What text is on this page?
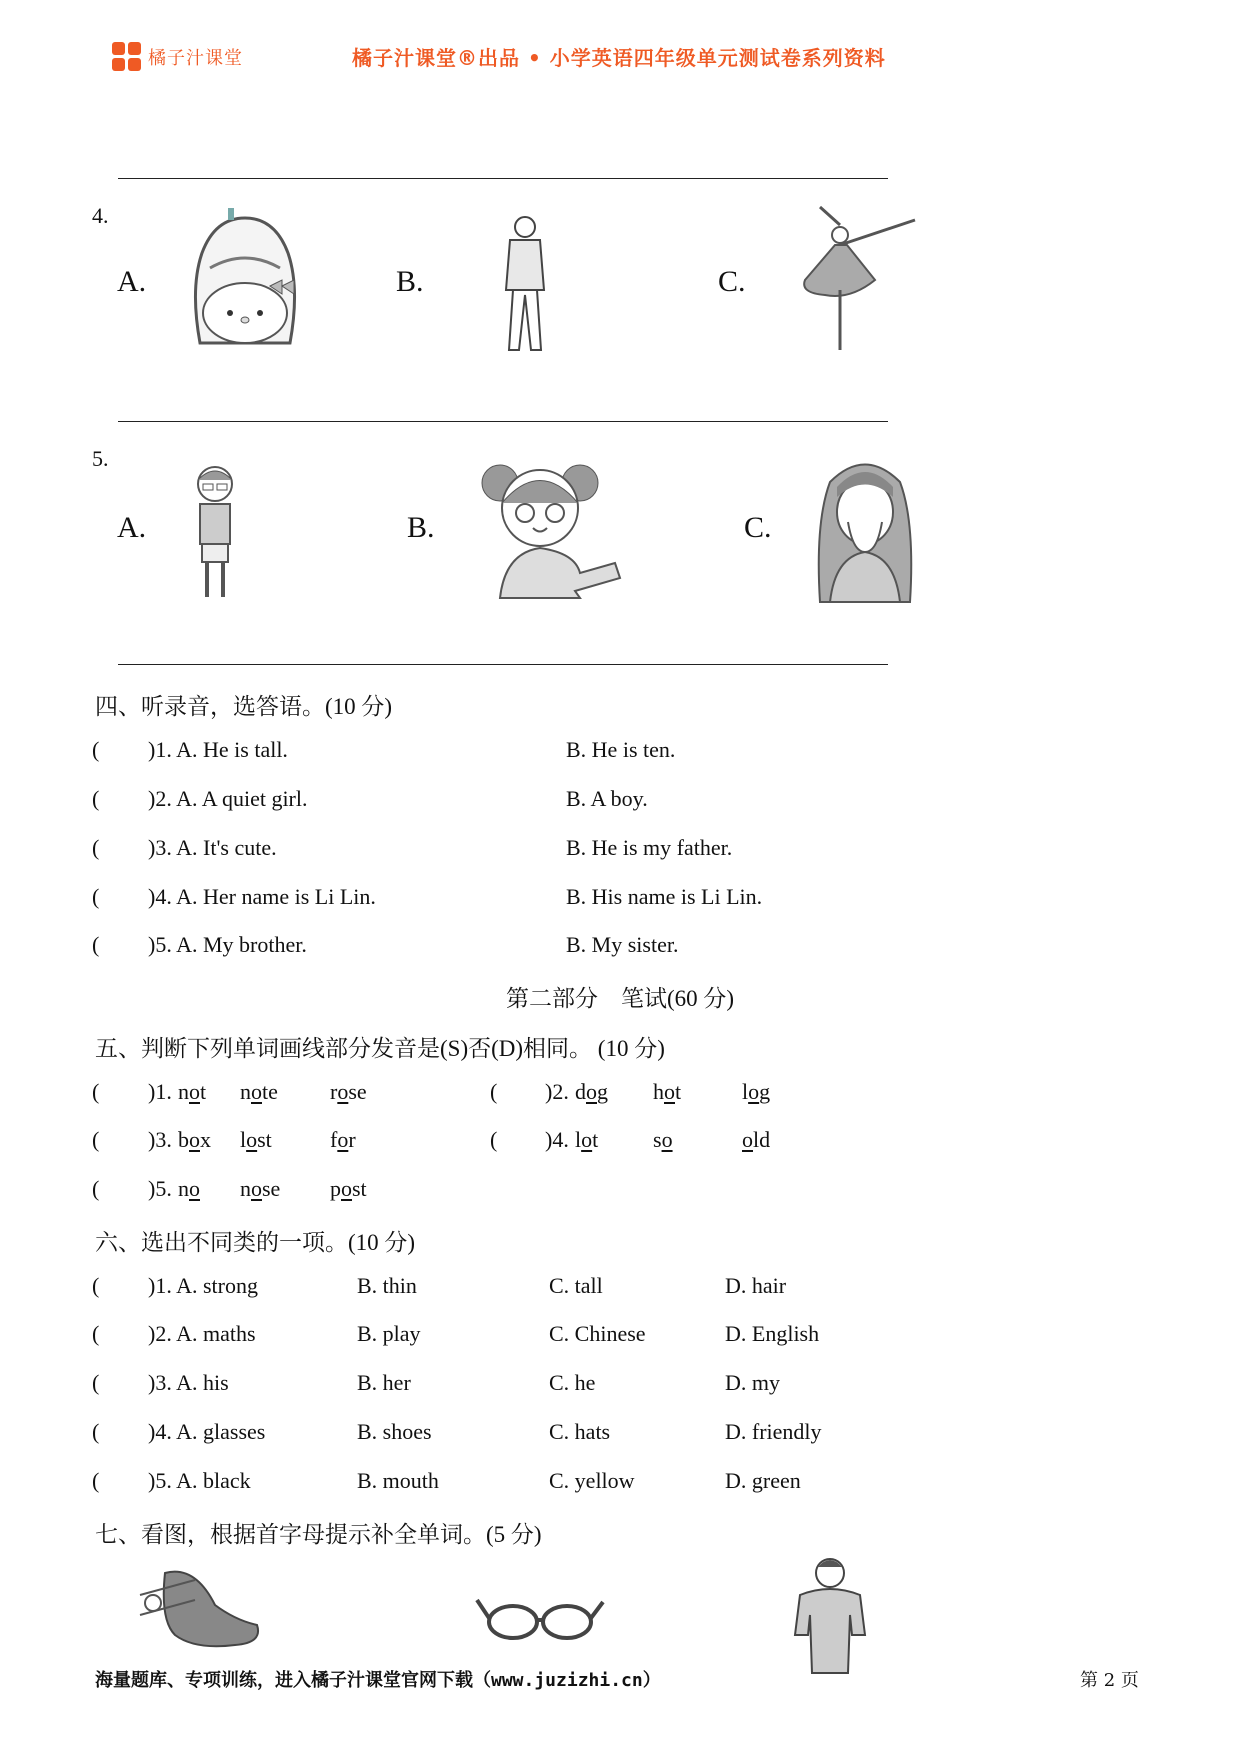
橘子汁课堂	橘子汁课堂®出品 • 小学英语四年级单元测试卷系列资料
4.
A.	B.	C.
5.
A.	B.	C.
四、听录音，选答语。(10 分)
( )1. A. He is tall.	B. He is ten.
( )2. A. A quiet girl.	B. A boy.
( )3. A. It's cute.	B. He is my father.
( )4. A. Her name is Li Lin.	B. His name is Li Lin.
( )5. A. My brother.	B. My sister.
第二部分　笔试(60 分)
五、判断下列单词画线部分发音是(S)否(D)相同。 (10 分)
( )1. not note rose	( )2. dog hot	log
( )3. box lost	for	( )4. lot so	old
( )5. no nose post
六、选出不同类的一项。(10 分)
( )1. A. strong	B. thin	C. tall	D. hair
( )2. A. maths	B. play	C. Chinese	D. English
( )3. A. his	B. her	C. he	D. my
( )4. A. glasses	B. shoes	C. hats	D. friendly
( )5. A. black	B. mouth	C. yellow	D. green
七、看图，根据首字母提示补全单词。(5 分)
海量题库、专项训练，进入橘子汁课堂官网下载（www.juzizhi.cn）	第 2 页
